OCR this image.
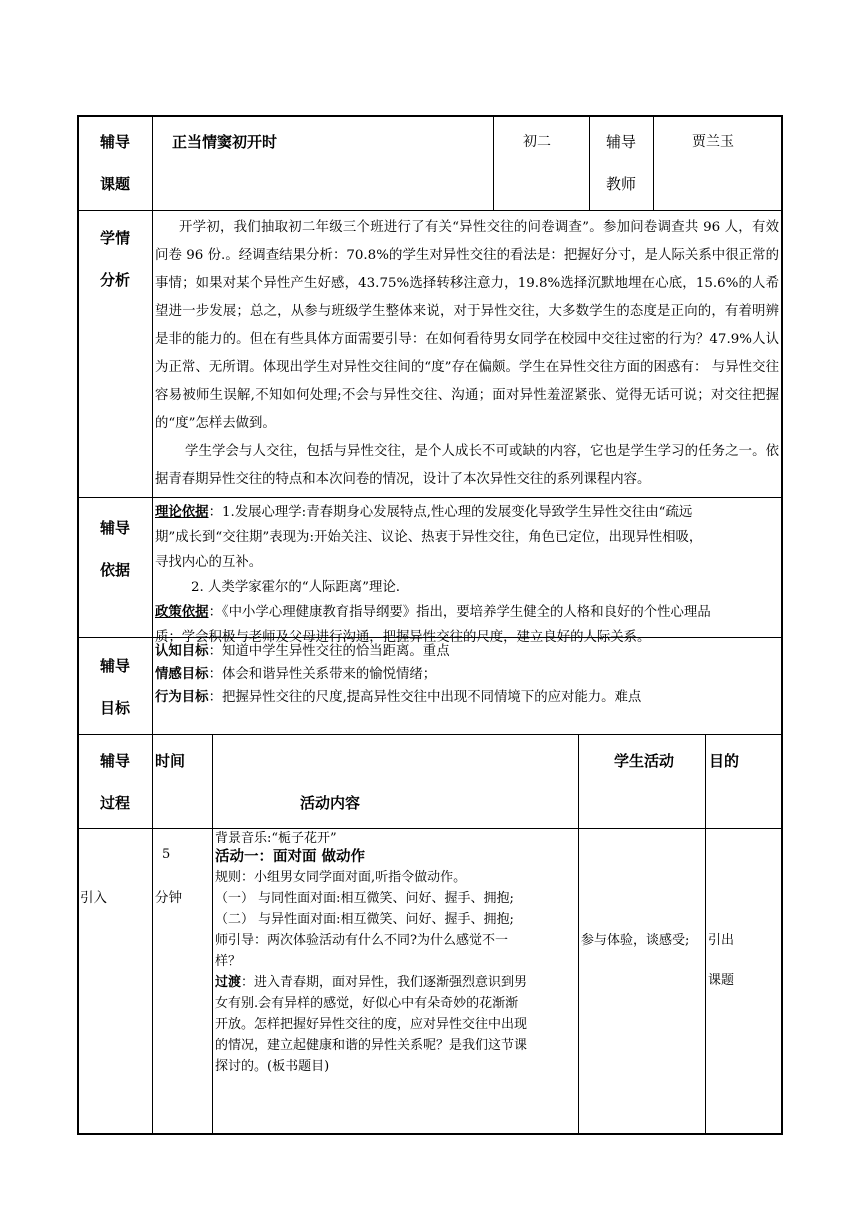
辅导
课题
正当情窦初开时	初二	辅导
教师
贾兰玉
学情
分析

开学初，我们抽取初二年级三个班进行了有关“异性交往的问卷调查”。参加问卷调查共 96 人，有效问卷 96 份.。经调查结果分析：70.8%的学生对异性交往的看法是：把握好分寸，是人际关系中很正常的事情；如果对某个异性产生好感，43.75%选择转移注意力，19.8%选择沉默地埋在心底，15.6%的人希望进一步发展；总之，从参与班级学生整体来说，对于异性交往，大多数学生的态度是正向的，有着明辨是非的能力的。但在有些具体方面需要引导：在如何看待男女同学在校园中交往过密的行为？47.9%人认为正常、无所谓。体现出学生对异性交往间的“度”存在偏颇。学生在异性交往方面的困惑有： 与异性交往容易被师生误解,不知如何处理;不会与异性交往、沟通；面对异性羞涩紧张、觉得无话可说；对交往把握的“度”怎样去做到。

学生学会与人交往，包括与异性交往，是个人成长不可或缺的内容，它也是学生学习的任务之一。依据青春期异性交往的特点和本次问卷的情况，设计了本次异性交往的系列课程内容。

辅导
依据
理论依据：1.发展心理学:青春期身心发展特点,性心理的发展变化导致学生异性交往由“疏远
期”成长到“交往期”表现为:开始关注、议论、热衷于异性交往，角色已定位，出现异性相吸，
寻找内心的互补。
2. 人类学家霍尔的“人际距离”理论.
政策依据：《中小学心理健康教育指导纲要》指出，要培养学生健全的人格和良好的个性心理品
质；学会积极与老师及父母进行沟通，把握异性交往的尺度，建立良好的人际关系。
辅导
目标
认知目标：知道中学生异性交往的恰当距离。重点
情感目标：体会和谐异性关系带来的愉悦情绪；
行为目标：把握异性交往的尺度,提高异性交往中出现不同情境下的应对能力。难点
辅导
过程
时间
活动内容
学生活动 目的
引入
5
分钟
背景音乐:“栀子花开”
活动一：面对面 做动作
规则：小组男女同学面对面,听指令做动作。
（一） 与同性面对面:相互微笑、问好、握手、拥抱;
（二） 与异性面对面:相互微笑、问好、握手、拥抱;
师引导：两次体验活动有什么不同?为什么感觉不一
样？
过渡：进入青春期，面对异性，我们逐渐强烈意识到男
女有别.会有异样的感觉，好似心中有朵奇妙的花渐渐
开放。怎样把握好异性交往的度，应对异性交往中出现
的情况，建立起健康和谐的异性关系呢？是我们这节课
探讨的。(板书题目)
参与体验，谈感受; 引出
课题
